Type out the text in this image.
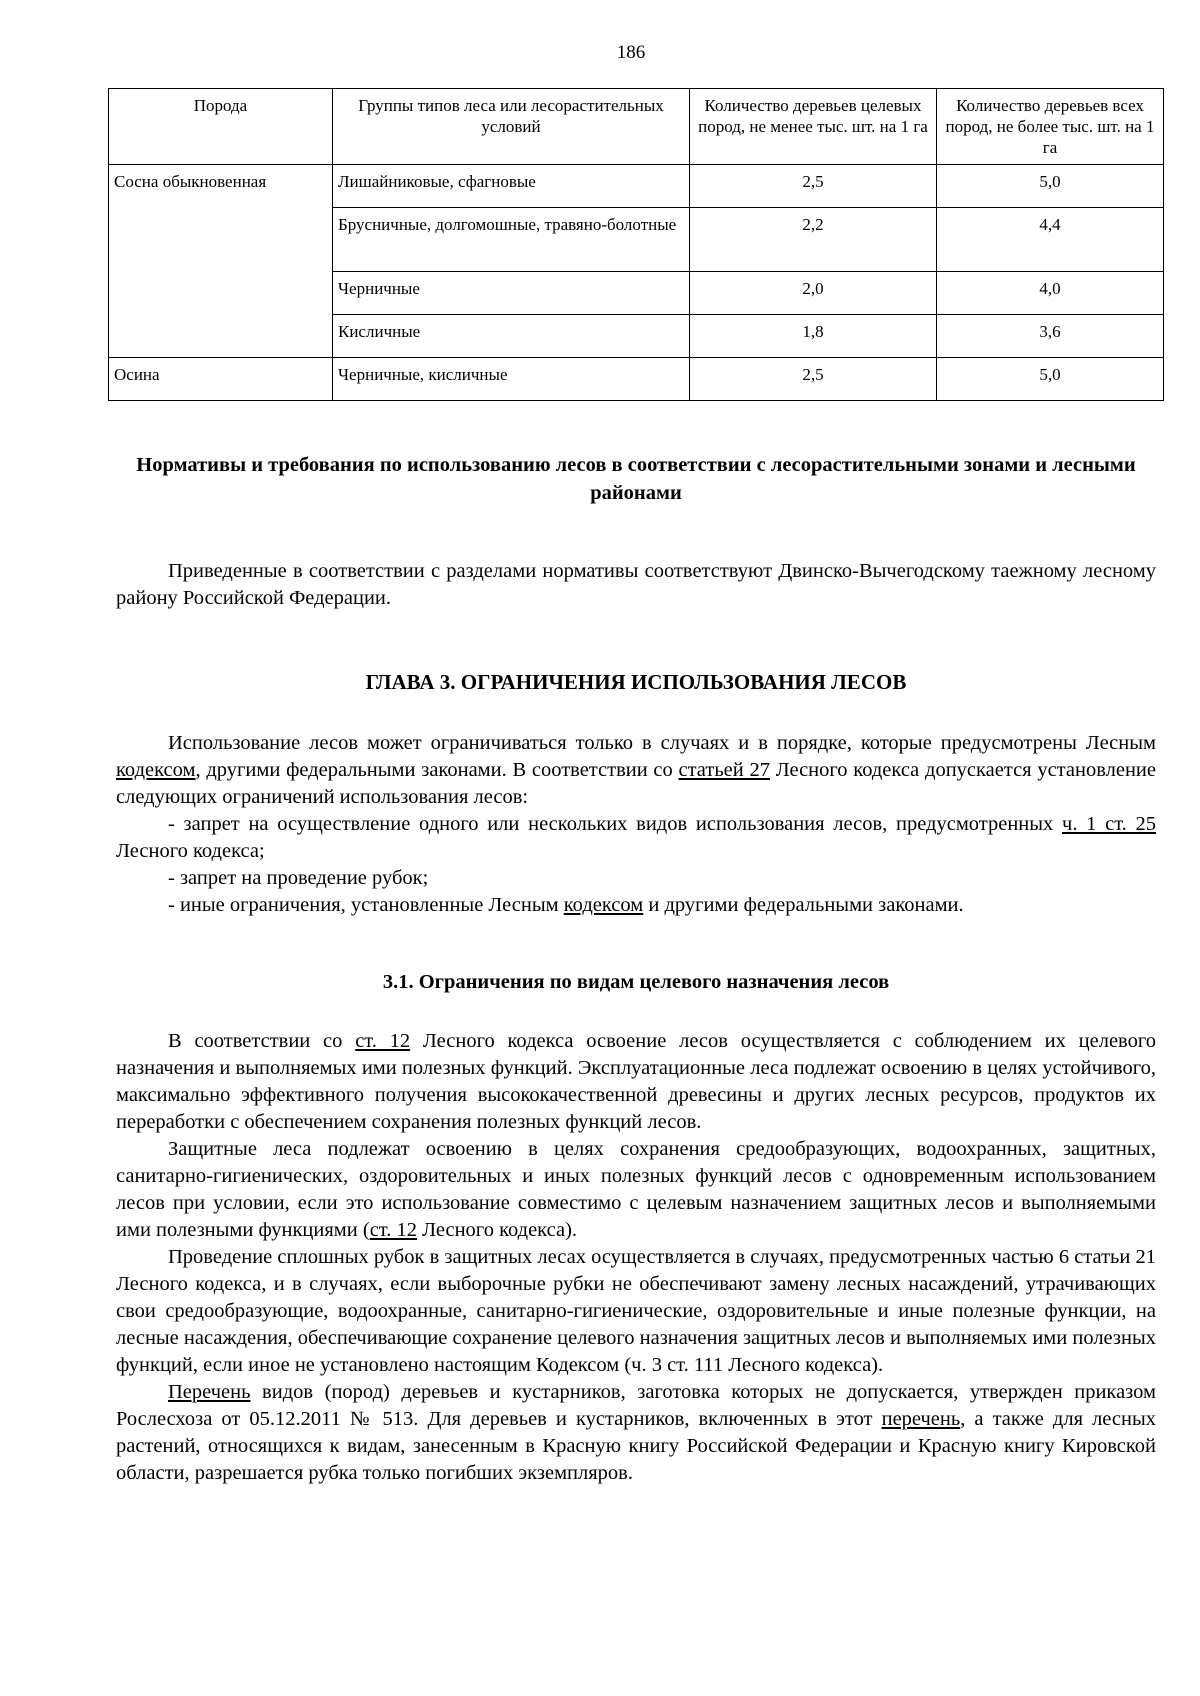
186
Порода	Группы типов леса или лесорастительных условий	Количество деревьев целевых пород, не менее тыс. шт. на 1 га	Количество деревьев всех пород, не более тыс. шт. на 1 га
Сосна обыкновенная	Лишайниковые, сфагновые	2,5	5,0
	Брусничные, долгомошные, травяно-болотные	2,2	4,4
	Черничные	2,0	4,0
	Кисличные	1,8	3,6
Осина	Черничные, кисличные	2,5	5,0
Нормативы и требования по использованию лесов в соответствии с лесорастительными зонами и лесными районами

Приведенные в соответствии с разделами нормативы соответствуют Двинско-Вычегодскому таежному лесному району Российской Федерации.

ГЛАВА 3. ОГРАНИЧЕНИЯ ИСПОЛЬЗОВАНИЯ ЛЕСОВ

Использование лесов может ограничиваться только в случаях и в порядке, которые предусмотрены Лесным кодексом, другими федеральными законами. В соответствии со статьей 27 Лесного кодекса допускается установление следующих ограничений использования лесов:

- запрет на осуществление одного или нескольких видов использования лесов, предусмотренных ч. 1 ст. 25 Лесного кодекса;

- запрет на проведение рубок;

- иные ограничения, установленные Лесным кодексом и другими федеральными законами.

3.1. Ограничения по видам целевого назначения лесов

В соответствии со ст. 12 Лесного кодекса освоение лесов осуществляется с соблюдением их целевого назначения и выполняемых ими полезных функций. Эксплуатационные леса подлежат освоению в целях устойчивого, максимально эффективного получения высококачественной древесины и других лесных ресурсов, продуктов их переработки с обеспечением сохранения полезных функций лесов.

Защитные леса подлежат освоению в целях сохранения средообразующих, водоохранных, защитных, санитарно-гигиенических, оздоровительных и иных полезных функций лесов с одновременным использованием лесов при условии, если это использование совместимо с целевым назначением защитных лесов и выполняемыми ими полезными функциями (ст. 12 Лесного кодекса).

Проведение сплошных рубок в защитных лесах осуществляется в случаях, предусмотренных частью 6 статьи 21 Лесного кодекса, и в случаях, если выборочные рубки не обеспечивают замену лесных насаждений, утрачивающих свои средообразующие, водоохранные, санитарно-гигиенические, оздоровительные и иные полезные функции, на лесные насаждения, обеспечивающие сохранение целевого назначения защитных лесов и выполняемых ими полезных функций, если иное не установлено настоящим Кодексом (ч. 3 ст. 111 Лесного кодекса).

Перечень видов (пород) деревьев и кустарников, заготовка которых не допускается, утвержден приказом Рослесхоза от 05.12.2011 № 513. Для деревьев и кустарников, включенных в этот перечень, а также для лесных растений, относящихся к видам, занесенным в Красную книгу Российской Федерации и Красную книгу Кировской области, разрешается рубка только погибших экземпляров.
